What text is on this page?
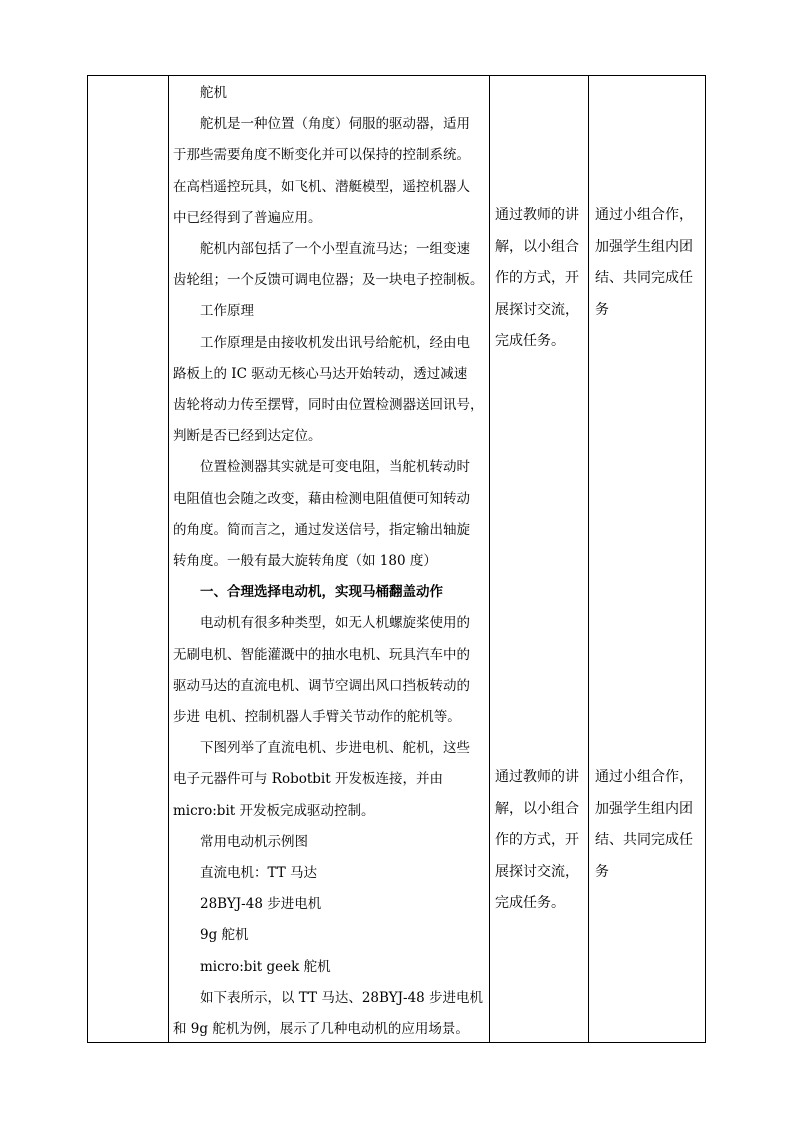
舵机

舵机是一种位置（角度）伺服的驱动器，适用

于那些需要角度不断变化并可以保持的控制系统。

在高档遥控玩具，如飞机、潜艇模型，遥控机器人

中已经得到了普遍应用。

舵机内部包括了一个小型直流马达；一组变速

齿轮组；一个反馈可调电位器；及一块电子控制板。

工作原理

工作原理是由接收机发出讯号给舵机，经由电

路板上的 IC 驱动无核心马达开始转动，透过减速

齿轮将动力传至摆臂，同时由位置检测器送回讯号，

判断是否已经到达定位。

位置检测器其实就是可变电阻，当舵机转动时

电阻值也会随之改变，藉由检测电阻值便可知转动

的角度。简而言之，通过发送信号，指定输出轴旋

转角度。一般有最大旋转角度（如 180 度）

一、合理选择电动机，实现马桶翻盖动作

电动机有很多种类型，如无人机螺旋桨使用的

无刷电机、智能灌溉中的抽水电机、玩具汽车中的

驱动马达的直流电机、调节空调出风口挡板转动的

步进 电机、控制机器人手臂关节动作的舵机等。

下图列举了直流电机、步进电机、舵机，这些

电子元器件可与 Robotbit 开发板连接，并由

micro:bit 开发板完成驱动控制。

常用电动机示例图

直流电机：TT 马达

28BYJ-48 步进电机

9g 舵机

micro:bit geek 舵机

如下表所示，以 TT 马达、28BYJ-48 步进电机

和 9g 舵机为例，展示了几种电动机的应用场景。

通过教师的讲
解，以小组合
作的方式，开
展探讨交流，
完成任务。
通过小组合作，
加强学生组内团
结、共同完成任
务
通过教师的讲
解，以小组合
作的方式，开
展探讨交流，
完成任务。
通过小组合作，
加强学生组内团
结、共同完成任
务
